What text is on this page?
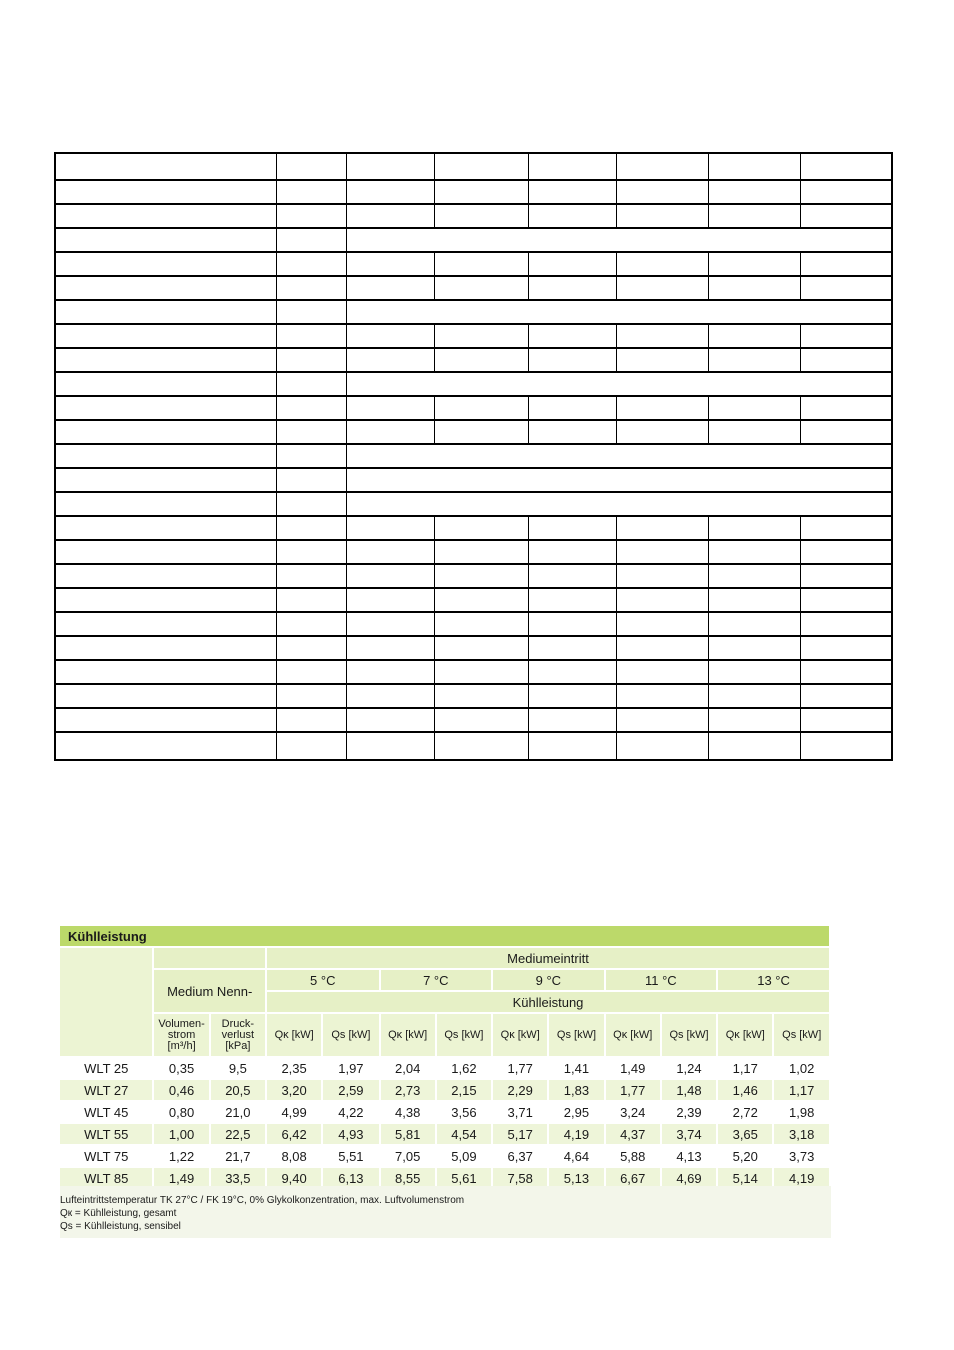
Kühlleistung												
			Mediumeintritt									
	Medium Nenn-		5 °C		7 °C		9 °C		11 °C		13 °C	
			Kühlleistung									
	Volumen-strom [m³/h]	Druck-verlust [kPa]	Qĸ [kW]	Qs [kW]	Qĸ [kW]	Qs [kW]	Qĸ [kW]	Qs [kW]	Qĸ [kW]	Qs [kW]	Qĸ [kW]	Qs [kW]
WLT 25	0,35	9,5	2,35	1,97	2,04	1,62	1,77	1,41	1,49	1,24	1,17	1,02
WLT 27	0,46	20,5	3,20	2,59	2,73	2,15	2,29	1,83	1,77	1,48	1,46	1,17
WLT 45	0,80	21,0	4,99	4,22	4,38	3,56	3,71	2,95	3,24	2,39	2,72	1,98
WLT 55	1,00	22,5	6,42	4,93	5,81	4,54	5,17	4,19	4,37	3,74	3,65	3,18
WLT 75	1,22	21,7	8,08	5,51	7,05	5,09	6,37	4,64	5,88	4,13	5,20	3,73
WLT 85	1,49	33,5	9,40	6,13	8,55	5,61	7,58	5,13	6,67	4,69	5,14	4,19
Lufteintrittstemperatur TK 27°C / FK 19°C, 0% Glykolkonzentration, max. Luftvolumenstrom
Qк = Kühlleistung, gesamt
Qs = Kühlleistung, sensibel
